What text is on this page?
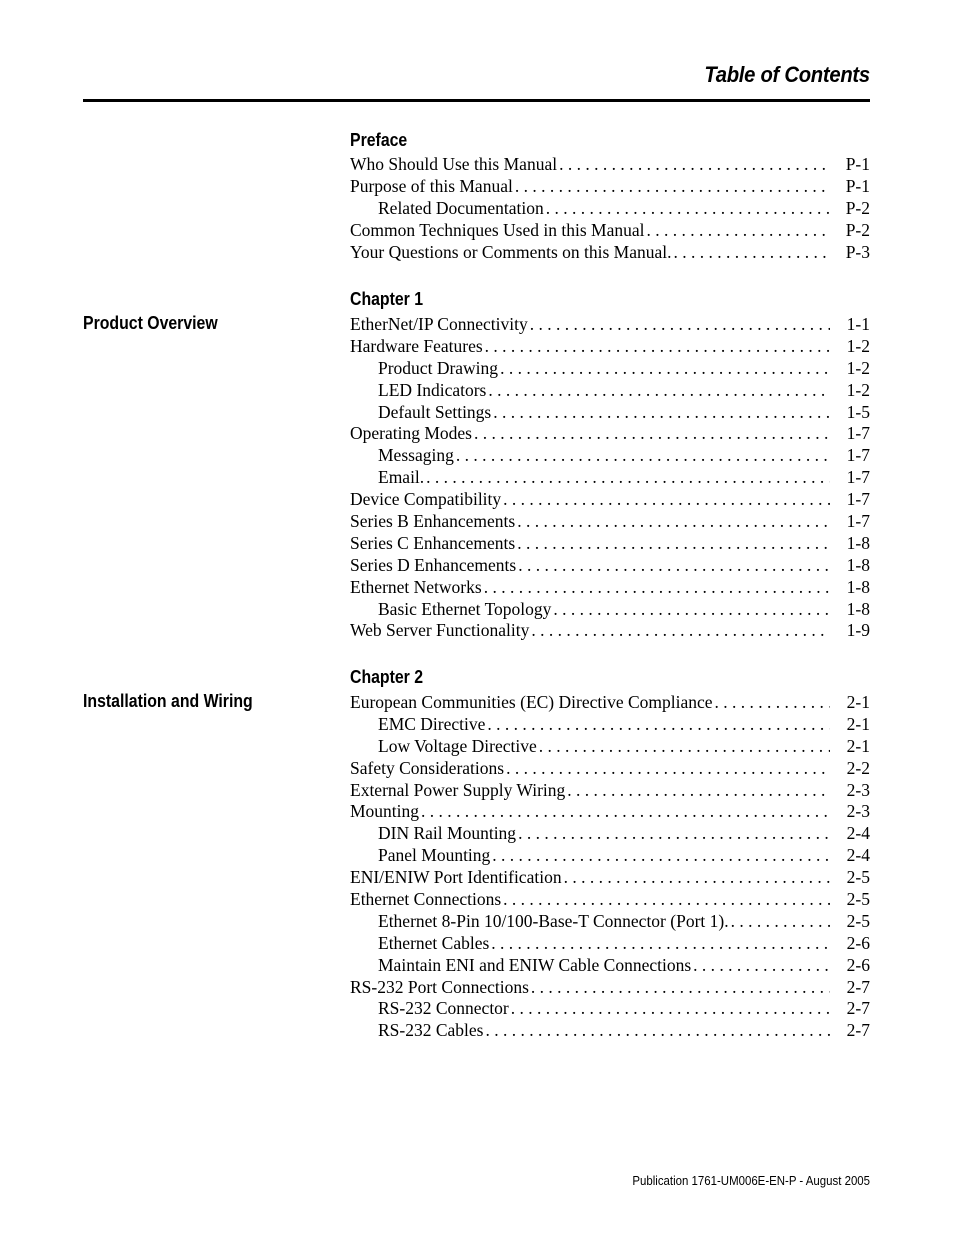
Table of Contents
Preface
Who Should Use this Manual . . .	P-1
Purpose of this Manual . . .	P-1
Related Documentation . . .	P-2
Common Techniques Used in this Manual . . .	P-2
Your Questions or Comments on this Manual. . . .	P-3
Chapter 1
Product Overview	EtherNet/IP Connectivity . . .	1-1
Hardware Features . . .	1-2
Product Drawing . . .	1-2
LED Indicators . . .	1-2
Default Settings . . .	1-5
Operating Modes . . .	1-7
Messaging . . .	1-7
Email. . . .	1-7
Device Compatibility . . .	1-7
Series B Enhancements . . .	1-7
Series C Enhancements . . .	1-8
Series D Enhancements . . .	1-8
Ethernet Networks . . .	1-8
Basic Ethernet Topology . . .	1-8
Web Server Functionality . . .	1-9
Chapter 2
Installation and Wiring	European Communities (EC) Directive Compliance . . .	2-1
EMC Directive . . .	2-1
Low Voltage Directive . . .	2-1
Safety Considerations . . .	2-2
External Power Supply Wiring . . .	2-3
Mounting . . .	2-3
DIN Rail Mounting . . .	2-4
Panel Mounting . . .	2-4
ENI/ENIW Port Identification . . .	2-5
Ethernet Connections . . .	2-5
Ethernet 8-Pin 10/100-Base-T Connector (Port 1). . . .	2-5
Ethernet Cables . . .	2-6
Maintain ENI and ENIW Cable Connections . . .	2-6
RS-232 Port Connections . . .	2-7
RS-232 Connector . . .	2-7
RS-232 Cables . . .	2-7
Publication 1761-UM006E-EN-P - August 2005
